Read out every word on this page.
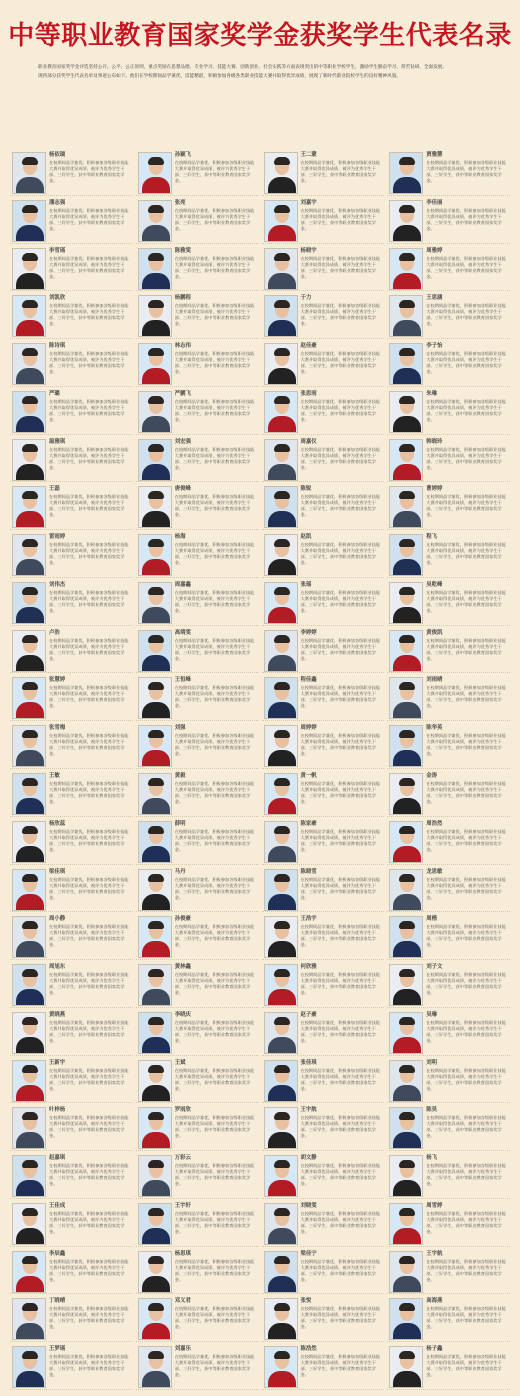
中等职业教育国家奖学金获奖学生代表名录

职业教育国家奖学金评选坚持公开、公平、公正原则，重点奖励在思想品德、专业学习、技能大赛、创新创业、社会实践等方面表现突出的中等职业学校学生，激励学生勤奋学习、刻苦钻研、全面发展。

现将部分获奖学生代表名单及事迹公布如下。他们在学校期间品学兼优、技能精湛，积极参加各级各类职业技能大赛并取得优异成绩，展现了新时代职业院校学生的良好精神风貌。

杨依瑞
在校期间品学兼优，积极参加各级职业技能大赛并取得优异成绩，被评为优秀学生干部、三好学生，获中等职业教育国家奖学金。
孙颖飞
在校期间品学兼优，积极参加各级职业技能大赛并取得优异成绩，被评为优秀学生干部、三好学生，获中等职业教育国家奖学金。
王二蒙
在校期间品学兼优，积极参加各级职业技能大赛并取得优异成绩，被评为优秀学生干部、三好学生，获中等职业教育国家奖学金。
贾雅慧
在校期间品学兼优，积极参加各级职业技能大赛并取得优异成绩，被评为优秀学生干部、三好学生，获中等职业教育国家奖学金。
潘志强
在校期间品学兼优，积极参加各级职业技能大赛并取得优异成绩，被评为优秀学生干部、三好学生，获中等职业教育国家奖学金。
张亮
在校期间品学兼优，积极参加各级职业技能大赛并取得优异成绩，被评为优秀学生干部、三好学生，获中等职业教育国家奖学金。
刘嘉宇
在校期间品学兼优，积极参加各级职业技能大赛并取得优异成绩，被评为优秀学生干部、三好学生，获中等职业教育国家奖学金。
李佳丽
在校期间品学兼优，积极参加各级职业技能大赛并取得优异成绩，被评为优秀学生干部、三好学生，获中等职业教育国家奖学金。
李雪瑶
在校期间品学兼优，积极参加各级职业技能大赛并取得优异成绩，被评为优秀学生干部、三好学生，获中等职业教育国家奖学金。
陈雅雯
在校期间品学兼优，积极参加各级职业技能大赛并取得优异成绩，被评为优秀学生干部、三好学生，获中等职业教育国家奖学金。
杨晓宇
在校期间品学兼优，积极参加各级职业技能大赛并取得优异成绩，被评为优秀学生干部、三好学生，获中等职业教育国家奖学金。
周雅婷
在校期间品学兼优，积极参加各级职业技能大赛并取得优异成绩，被评为优秀学生干部、三好学生，获中等职业教育国家奖学金。
刘凯欣
在校期间品学兼优，积极参加各级职业技能大赛并取得优异成绩，被评为优秀学生干部、三好学生，获中等职业教育国家奖学金。
杨鹏程
在校期间品学兼优，积极参加各级职业技能大赛并取得优异成绩，被评为优秀学生干部、三好学生，获中等职业教育国家奖学金。
于力
在校期间品学兼优，积极参加各级职业技能大赛并取得优异成绩，被评为优秀学生干部、三好学生，获中等职业教育国家奖学金。
王思涵
在校期间品学兼优，积极参加各级职业技能大赛并取得优异成绩，被评为优秀学生干部、三好学生，获中等职业教育国家奖学金。
陈诗琪
在校期间品学兼优，积极参加各级职业技能大赛并取得优异成绩，被评为优秀学生干部、三好学生，获中等职业教育国家奖学金。
林志伟
在校期间品学兼优，积极参加各级职业技能大赛并取得优异成绩，被评为优秀学生干部、三好学生，获中等职业教育国家奖学金。
赵佳豪
在校期间品学兼优，积极参加各级职业技能大赛并取得优异成绩，被评为优秀学生干部、三好学生，获中等职业教育国家奖学金。
李子怡
在校期间品学兼优，积极参加各级职业技能大赛并取得优异成绩，被评为优秀学生干部、三好学生，获中等职业教育国家奖学金。
严璐
在校期间品学兼优，积极参加各级职业技能大赛并取得优异成绩，被评为优秀学生干部、三好学生，获中等职业教育国家奖学金。
严鹏飞
在校期间品学兼优，积极参加各级职业技能大赛并取得优异成绩，被评为优秀学生干部、三好学生，获中等职业教育国家奖学金。
张思雨
在校期间品学兼优，积极参加各级职业技能大赛并取得优异成绩，被评为优秀学生干部、三好学生，获中等职业教育国家奖学金。
朱琳
在校期间品学兼优，积极参加各级职业技能大赛并取得优异成绩，被评为优秀学生干部、三好学生，获中等职业教育国家奖学金。
温雅琪
在校期间品学兼优，积极参加各级职业技能大赛并取得优异成绩，被评为优秀学生干部、三好学生，获中等职业教育国家奖学金。
刘宏强
在校期间品学兼优，积极参加各级职业技能大赛并取得优异成绩，被评为优秀学生干部、三好学生，获中等职业教育国家奖学金。
周嘉仪
在校期间品学兼优，积极参加各级职业技能大赛并取得优异成绩，被评为优秀学生干部、三好学生，获中等职业教育国家奖学金。
韩晓玲
在校期间品学兼优，积极参加各级职业技能大赛并取得优异成绩，被评为优秀学生干部、三好学生，获中等职业教育国家奖学金。
王磊
在校期间品学兼优，积极参加各级职业技能大赛并取得优异成绩，被评为优秀学生干部、三好学生，获中等职业教育国家奖学金。
唐俊峰
在校期间品学兼优，积极参加各级职业技能大赛并取得优异成绩，被评为优秀学生干部、三好学生，获中等职业教育国家奖学金。
陈锐
在校期间品学兼优，积极参加各级职业技能大赛并取得优异成绩，被评为优秀学生干部、三好学生，获中等职业教育国家奖学金。
曹婷婷
在校期间品学兼优，积极参加各级职业技能大赛并取得优异成绩，被评为优秀学生干部、三好学生，获中等职业教育国家奖学金。
雷雨婷
在校期间品学兼优，积极参加各级职业技能大赛并取得优异成绩，被评为优秀学生干部、三好学生，获中等职业教育国家奖学金。
杨海
在校期间品学兼优，积极参加各级职业技能大赛并取得优异成绩，被评为优秀学生干部、三好学生，获中等职业教育国家奖学金。
赵凯
在校期间品学兼优，积极参加各级职业技能大赛并取得优异成绩，被评为优秀学生干部、三好学生，获中等职业教育国家奖学金。
程飞
在校期间品学兼优，积极参加各级职业技能大赛并取得优异成绩，被评为优秀学生干部、三好学生，获中等职业教育国家奖学金。
刘伟杰
在校期间品学兼优，积极参加各级职业技能大赛并取得优异成绩，被评为优秀学生干部、三好学生，获中等职业教育国家奖学金。
周嘉鑫
在校期间品学兼优，积极参加各级职业技能大赛并取得优异成绩，被评为优秀学生干部、三好学生，获中等职业教育国家奖学金。
张瑶
在校期间品学兼优，积极参加各级职业技能大赛并取得优异成绩，被评为优秀学生干部、三好学生，获中等职业教育国家奖学金。
吴乾峰
在校期间品学兼优，积极参加各级职业技能大赛并取得优异成绩，被评为优秀学生干部、三好学生，获中等职业教育国家奖学金。
卢浩
在校期间品学兼优，积极参加各级职业技能大赛并取得优异成绩，被评为优秀学生干部、三好学生，获中等职业教育国家奖学金。
高靖雯
在校期间品学兼优，积极参加各级职业技能大赛并取得优异成绩，被评为优秀学生干部、三好学生，获中等职业教育国家奖学金。
李婷婷
在校期间品学兼优，积极参加各级职业技能大赛并取得优异成绩，被评为优秀学生干部、三好学生，获中等职业教育国家奖学金。
黄俊凯
在校期间品学兼优，积极参加各级职业技能大赛并取得优异成绩，被评为优秀学生干部、三好学生，获中等职业教育国家奖学金。
张慧婷
在校期间品学兼优，积极参加各级职业技能大赛并取得优异成绩，被评为优秀学生干部、三好学生，获中等职业教育国家奖学金。
王恒峰
在校期间品学兼优，积极参加各级职业技能大赛并取得优异成绩，被评为优秀学生干部、三好学生，获中等职业教育国家奖学金。
程佳鑫
在校期间品学兼优，积极参加各级职业技能大赛并取得优异成绩，被评为优秀学生干部、三好学生，获中等职业教育国家奖学金。
刘雨晴
在校期间品学兼优，积极参加各级职业技能大赛并取得优异成绩，被评为优秀学生干部、三好学生，获中等职业教育国家奖学金。
张雪梅
在校期间品学兼优，积极参加各级职业技能大赛并取得优异成绩，被评为优秀学生干部、三好学生，获中等职业教育国家奖学金。
刘强
在校期间品学兼优，积极参加各级职业技能大赛并取得优异成绩，被评为优秀学生干部、三好学生，获中等职业教育国家奖学金。
周婷婷
在校期间品学兼优，积极参加各级职业技能大赛并取得优异成绩，被评为优秀学生干部、三好学生，获中等职业教育国家奖学金。
陈华英
在校期间品学兼优，积极参加各级职业技能大赛并取得优异成绩，被评为优秀学生干部、三好学生，获中等职业教育国家奖学金。
王敏
在校期间品学兼优，积极参加各级职业技能大赛并取得优异成绩，被评为优秀学生干部、三好学生，获中等职业教育国家奖学金。
黄毅
在校期间品学兼优，积极参加各级职业技能大赛并取得优异成绩，被评为优秀学生干部、三好学生，获中等职业教育国家奖学金。
黄一帆
在校期间品学兼优，积极参加各级职业技能大赛并取得优异成绩，被评为优秀学生干部、三好学生，获中等职业教育国家奖学金。
金涛
在校期间品学兼优，积极参加各级职业技能大赛并取得优异成绩，被评为优秀学生干部、三好学生，获中等职业教育国家奖学金。
杨欣蕊
在校期间品学兼优，积极参加各级职业技能大赛并取得优异成绩，被评为优秀学生干部、三好学生，获中等职业教育国家奖学金。
薛明
在校期间品学兼优，积极参加各级职业技能大赛并取得优异成绩，被评为优秀学生干部、三好学生，获中等职业教育国家奖学金。
陈家豪
在校期间品学兼优，积极参加各级职业技能大赛并取得优异成绩，被评为优秀学生干部、三好学生，获中等职业教育国家奖学金。
周浩然
在校期间品学兼优，积极参加各级职业技能大赛并取得优异成绩，被评为优秀学生干部、三好学生，获中等职业教育国家奖学金。
梁佳琪
在校期间品学兼优，积极参加各级职业技能大赛并取得优异成绩，被评为优秀学生干部、三好学生，获中等职业教育国家奖学金。
马丹
在校期间品学兼优，积极参加各级职业技能大赛并取得优异成绩，被评为优秀学生干部、三好学生，获中等职业教育国家奖学金。
陈晓雪
在校期间品学兼优，积极参加各级职业技能大赛并取得优异成绩，被评为优秀学生干部、三好学生，获中等职业教育国家奖学金。
龙思敏
在校期间品学兼优，积极参加各级职业技能大赛并取得优异成绩，被评为优秀学生干部、三好学生，获中等职业教育国家奖学金。
周小静
在校期间品学兼优，积极参加各级职业技能大赛并取得优异成绩，被评为优秀学生干部、三好学生，获中等职业教育国家奖学金。
孙俊豪
在校期间品学兼优，积极参加各级职业技能大赛并取得优异成绩，被评为优秀学生干部、三好学生，获中等职业教育国家奖学金。
王浩宇
在校期间品学兼优，积极参加各级职业技能大赛并取得优异成绩，被评为优秀学生干部、三好学生，获中等职业教育国家奖学金。
周楷
在校期间品学兼优，积极参加各级职业技能大赛并取得优异成绩，被评为优秀学生干部、三好学生，获中等职业教育国家奖学金。
周旭东
在校期间品学兼优，积极参加各级职业技能大赛并取得优异成绩，被评为优秀学生干部、三好学生，获中等职业教育国家奖学金。
黄林鑫
在校期间品学兼优，积极参加各级职业技能大赛并取得优异成绩，被评为优秀学生干部、三好学生，获中等职业教育国家奖学金。
何欣雅
在校期间品学兼优，积极参加各级职业技能大赛并取得优异成绩，被评为优秀学生干部、三好学生，获中等职业教育国家奖学金。
刘子文
在校期间品学兼优，积极参加各级职业技能大赛并取得优异成绩，被评为优秀学生干部、三好学生，获中等职业教育国家奖学金。
黄晓燕
在校期间品学兼优，积极参加各级职业技能大赛并取得优异成绩，被评为优秀学生干部、三好学生，获中等职业教育国家奖学金。
李晓庆
在校期间品学兼优，积极参加各级职业技能大赛并取得优异成绩，被评为优秀学生干部、三好学生，获中等职业教育国家奖学金。
赵子豪
在校期间品学兼优，积极参加各级职业技能大赛并取得优异成绩，被评为优秀学生干部、三好学生，获中等职业教育国家奖学金。
吴琳
在校期间品学兼优，积极参加各级职业技能大赛并取得优异成绩，被评为优秀学生干部、三好学生，获中等职业教育国家奖学金。
王新宇
在校期间品学兼优，积极参加各级职业技能大赛并取得优异成绩，被评为优秀学生干部、三好学生，获中等职业教育国家奖学金。
王斌
在校期间品学兼优，积极参加各级职业技能大赛并取得优异成绩，被评为优秀学生干部、三好学生，获中等职业教育国家奖学金。
张佳琪
在校期间品学兼优，积极参加各级职业技能大赛并取得优异成绩，被评为优秀学生干部、三好学生，获中等职业教育国家奖学金。
刘明
在校期间品学兼优，积极参加各级职业技能大赛并取得优异成绩，被评为优秀学生干部、三好学生，获中等职业教育国家奖学金。
叶梓杨
在校期间品学兼优，积极参加各级职业技能大赛并取得优异成绩，被评为优秀学生干部、三好学生，获中等职业教育国家奖学金。
罗雨欣
在校期间品学兼优，积极参加各级职业技能大赛并取得优异成绩，被评为优秀学生干部、三好学生，获中等职业教育国家奖学金。
王宇航
在校期间品学兼优，积极参加各级职业技能大赛并取得优异成绩，被评为优秀学生干部、三好学生，获中等职业教育国家奖学金。
陈昊
在校期间品学兼优，积极参加各级职业技能大赛并取得优异成绩，被评为优秀学生干部、三好学生，获中等职业教育国家奖学金。
赵嘉琪
在校期间品学兼优，积极参加各级职业技能大赛并取得优异成绩，被评为优秀学生干部、三好学生，获中等职业教育国家奖学金。
万彩云
在校期间品学兼优，积极参加各级职业技能大赛并取得优异成绩，被评为优秀学生干部、三好学生，获中等职业教育国家奖学金。
胡文静
在校期间品学兼优，积极参加各级职业技能大赛并取得优异成绩，被评为优秀学生干部、三好学生，获中等职业教育国家奖学金。
杨飞
在校期间品学兼优，积极参加各级职业技能大赛并取得优异成绩，被评为优秀学生干部、三好学生，获中等职业教育国家奖学金。
王佳成
在校期间品学兼优，积极参加各级职业技能大赛并取得优异成绩，被评为优秀学生干部、三好学生，获中等职业教育国家奖学金。
王宇轩
在校期间品学兼优，积极参加各级职业技能大赛并取得优异成绩，被评为优秀学生干部、三好学生，获中等职业教育国家奖学金。
刘晓雯
在校期间品学兼优，积极参加各级职业技能大赛并取得优异成绩，被评为优秀学生干部、三好学生，获中等职业教育国家奖学金。
周雪婷
在校期间品学兼优，积极参加各级职业技能大赛并取得优异成绩，被评为优秀学生干部、三好学生，获中等职业教育国家奖学金。
李辰鑫
在校期间品学兼优，积极参加各级职业技能大赛并取得优异成绩，被评为优秀学生干部、三好学生，获中等职业教育国家奖学金。
杨思琪
在校期间品学兼优，积极参加各级职业技能大赛并取得优异成绩，被评为优秀学生干部、三好学生，获中等职业教育国家奖学金。
梁佳宁
在校期间品学兼优，积极参加各级职业技能大赛并取得优异成绩，被评为优秀学生干部、三好学生，获中等职业教育国家奖学金。
王宇航
在校期间品学兼优，积极参加各级职业技能大赛并取得优异成绩，被评为优秀学生干部、三好学生，获中等职业教育国家奖学金。
丁晓晴
在校期间品学兼优，积极参加各级职业技能大赛并取得优异成绩，被评为优秀学生干部、三好学生，获中等职业教育国家奖学金。
邓义君
在校期间品学兼优，积极参加各级职业技能大赛并取得优异成绩，被评为优秀学生干部、三好学生，获中等职业教育国家奖学金。
张悦
在校期间品学兼优，积极参加各级职业技能大赛并取得优异成绩，被评为优秀学生干部、三好学生，获中等职业教育国家奖学金。
高海燕
在校期间品学兼优，积极参加各级职业技能大赛并取得优异成绩，被评为优秀学生干部、三好学生，获中等职业教育国家奖学金。
王梦瑶
在校期间品学兼优，积极参加各级职业技能大赛并取得优异成绩，被评为优秀学生干部、三好学生，获中等职业教育国家奖学金。
刘嘉乐
在校期间品学兼优，积极参加各级职业技能大赛并取得优异成绩，被评为优秀学生干部、三好学生，获中等职业教育国家奖学金。
陈浩然
在校期间品学兼优，积极参加各级职业技能大赛并取得优异成绩，被评为优秀学生干部、三好学生，获中等职业教育国家奖学金。
杨子鑫
在校期间品学兼优，积极参加各级职业技能大赛并取得优异成绩，被评为优秀学生干部、三好学生，获中等职业教育国家奖学金。
